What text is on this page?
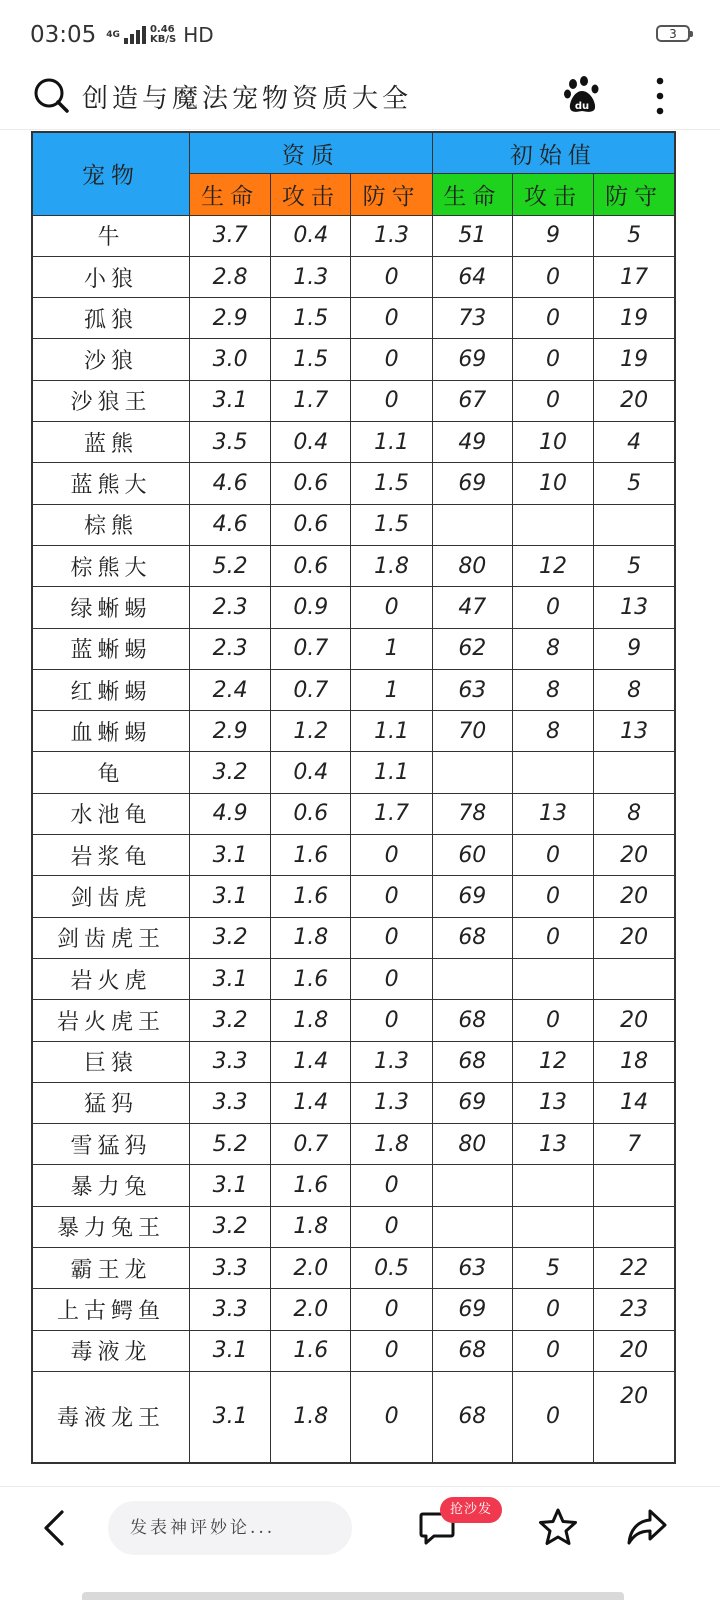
03:05 4G	0.46
KB/S HD	3
创造与魔法宠物资质大全	du
宠物	资质			初始值		
	生命	攻击	防守	生命	攻击	防守
牛	3.7	0.4	1.3	51	9	5
小狼	2.8	1.3	0	64	0	17
孤狼	2.9	1.5	0	73	0	19
沙狼	3.0	1.5	0	69	0	19
沙狼王	3.1	1.7	0	67	0	20
蓝熊	3.5	0.4	1.1	49	10	4
蓝熊大	4.6	0.6	1.5	69	10	5
棕熊	4.6	0.6	1.5			
棕熊大	5.2	0.6	1.8	80	12	5
绿蜥蜴	2.3	0.9	0	47	0	13
蓝蜥蜴	2.3	0.7	1	62	8	9
红蜥蜴	2.4	0.7	1	63	8	8
血蜥蜴	2.9	1.2	1.1	70	8	13
龟	3.2	0.4	1.1			
水池龟	4.9	0.6	1.7	78	13	8
岩浆龟	3.1	1.6	0	60	0	20
剑齿虎	3.1	1.6	0	69	0	20
剑齿虎王	3.2	1.8	0	68	0	20
岩火虎	3.1	1.6	0			
岩火虎王	3.2	1.8	0	68	0	20
巨猿	3.3	1.4	1.3	68	12	18
猛犸	3.3	1.4	1.3	69	13	14
雪猛犸	5.2	0.7	1.8	80	13	7
暴力兔	3.1	1.6	0			
暴力兔王	3.2	1.8	0			
霸王龙	3.3	2.0	0.5	63	5	22
上古鳄鱼	3.3	2.0	0	69	0	23
毒液龙	3.1	1.6	0	68	0	20
毒液龙王	3.1	1.8	0	68	0	20
发表神评妙论...
抢沙发
